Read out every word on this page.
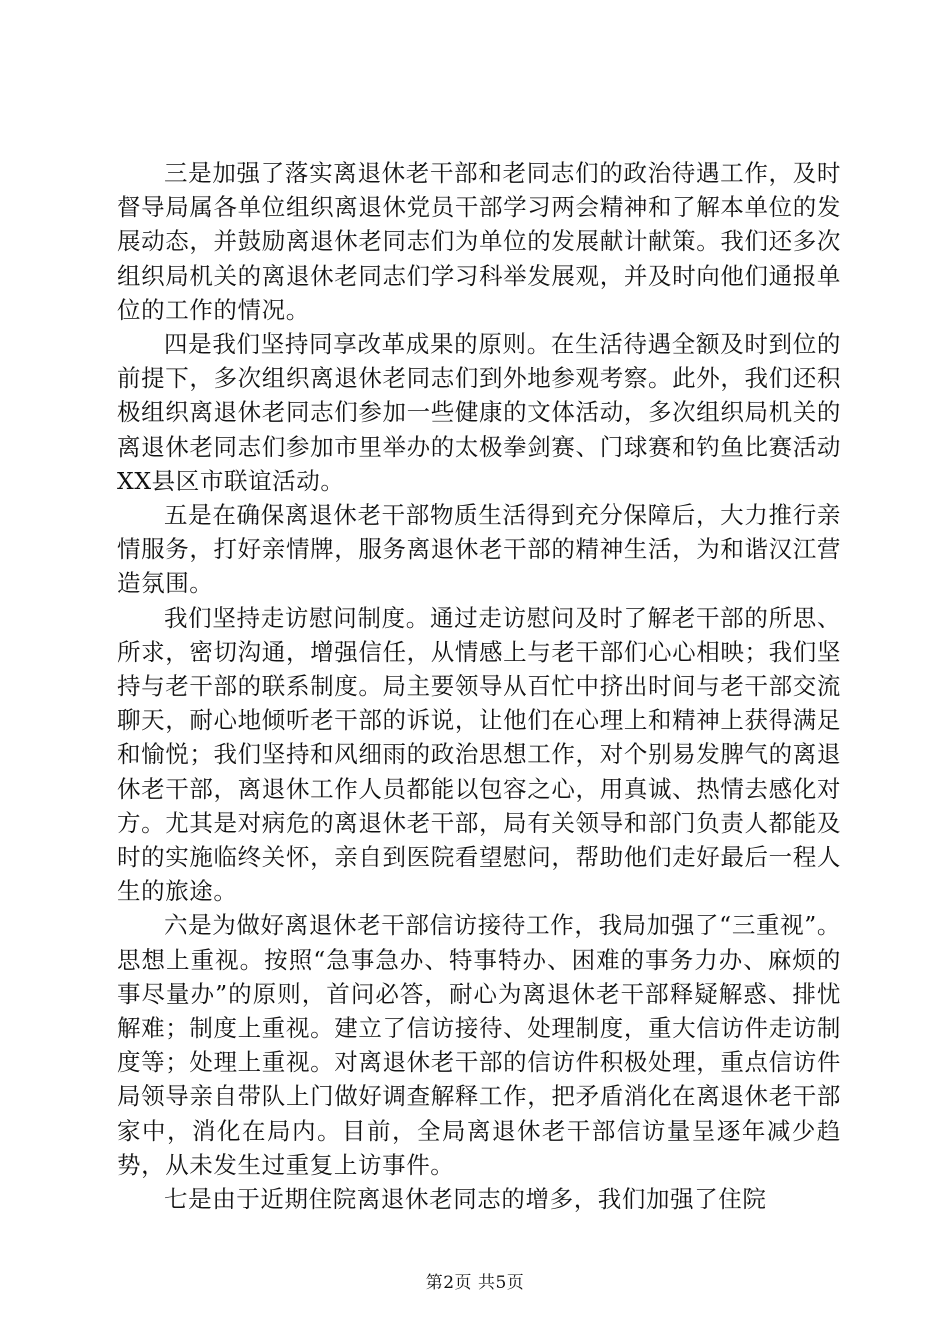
三是加强了落实离退休老干部和老同志们的政治待遇工作，及时督导局属各单位组织离退休党员干部学习两会精神和了解本单位的发展动态，并鼓励离退休老同志们为单位的发展献计献策。我们还多次组织局机关的离退休老同志们学习科举发展观，并及时向他们通报单位的工作的情况。

四是我们坚持同享改革成果的原则。在生活待遇全额及时到位的前提下，多次组织离退休老同志们到外地参观考察。此外，我们还积极组织离退休老同志们参加一些健康的文体活动，多次组织局机关的离退休老同志们参加市里举办的太极拳剑赛、门球赛和钓鱼比赛活动XX县区市联谊活动。

五是在确保离退休老干部物质生活得到充分保障后，大力推行亲情服务，打好亲情牌，服务离退休老干部的精神生活，为和谐汉江营造氛围。

我们坚持走访慰问制度。通过走访慰问及时了解老干部的所思、所求，密切沟通，增强信任，从情感上与老干部们心心相映；我们坚持与老干部的联系制度。局主要领导从百忙中挤出时间与老干部交流聊天，耐心地倾听老干部的诉说，让他们在心理上和精神上获得满足和愉悦；我们坚持和风细雨的政治思想工作，对个别易发脾气的离退休老干部，离退休工作人员都能以包容之心，用真诚、热情去感化对方。尤其是对病危的离退休老干部，局有关领导和部门负责人都能及时的实施临终关怀，亲自到医院看望慰问，帮助他们走好最后一程人生的旅途。

六是为做好离退休老干部信访接待工作，我局加强了“三重视”。思想上重视。按照“急事急办、特事特办、困难的事务力办、麻烦的事尽量办”的原则，首问必答，耐心为离退休老干部释疑解惑、排忧解难；制度上重视。建立了信访接待、处理制度，重大信访件走访制度等；处理上重视。对离退休老干部的信访件积极处理，重点信访件局领导亲自带队上门做好调查解释工作，把矛盾消化在离退休老干部家中，消化在局内。目前，全局离退休老干部信访量呈逐年减少趋势，从未发生过重复上访事件。

七是由于近期住院离退休老同志的增多，我们加强了住院

第2页 共5页
